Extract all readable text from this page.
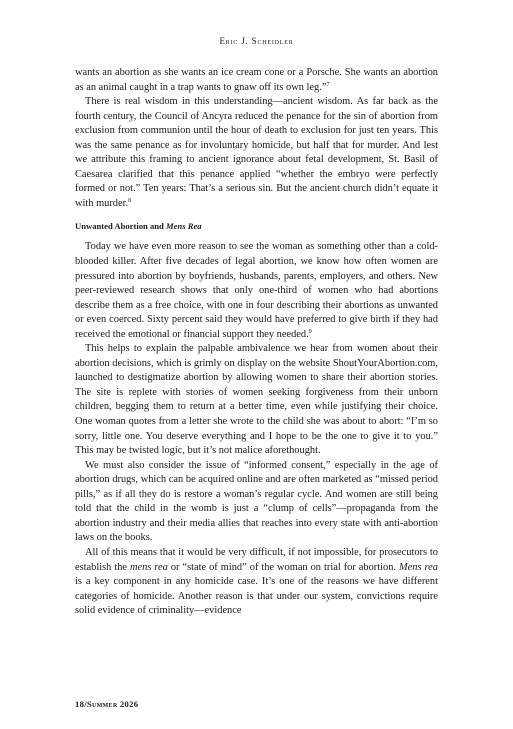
Eric J. Scheidler

wants an abortion as she wants an ice cream cone or a Porsche. She wants an abortion as an animal caught in a trap wants to gnaw off its own leg.”$^7$

There is real wisdom in this understanding—ancient wisdom. As far back as the fourth century, the Council of Ancyra reduced the penance for the sin of abortion from exclusion from communion until the hour of death to exclusion for just ten years. This was the same penance as for involuntary homicide, but half that for murder. And lest we attribute this framing to ancient ignorance about fetal development, St. Basil of Caesarea clarified that this penance applied “whether the embryo were perfectly formed or not.” Ten years: That’s a serious sin. But the ancient church didn’t equate it with murder.$^8$

Unwanted Abortion and Mens Rea

Today we have even more reason to see the woman as something other than a cold-blooded killer. After five decades of legal abortion, we know how often women are pressured into abortion by boyfriends, husbands, parents, employers, and others. New peer-reviewed research shows that only one-third of women who had abortions describe them as a free choice, with one in four describing their abortions as unwanted or even coerced. Sixty percent said they would have preferred to give birth if they had received the emotional or financial support they needed.$^9$

This helps to explain the palpable ambivalence we hear from women about their abortion decisions, which is grimly on display on the website ShoutYourAbortion.com, launched to destigmatize abortion by allowing women to share their abortion stories. The site is replete with stories of women seeking forgiveness from their unborn children, begging them to return at a better time, even while justifying their choice. One woman quotes from a letter she wrote to the child she was about to abort: “I’m so sorry, little one. You deserve everything and I hope to be the one to give it to you.” This may be twisted logic, but it’s not malice aforethought.

We must also consider the issue of “informed consent,” especially in the age of abortion drugs, which can be acquired online and are often marketed as “missed period pills,” as if all they do is restore a woman’s regular cycle. And women are still being told that the child in the womb is just a “clump of cells”—propaganda from the abortion industry and their media allies that reaches into every state with anti-abortion laws on the books.

All of this means that it would be very difficult, if not impossible, for prosecutors to establish the mens rea or “state of mind” of the woman on trial for abortion. Mens rea is a key component in any homicide case. It’s one of the reasons we have different categories of homicide. Another reason is that under our system, convictions require solid evidence of criminality—evidence

18/Summer 2026
